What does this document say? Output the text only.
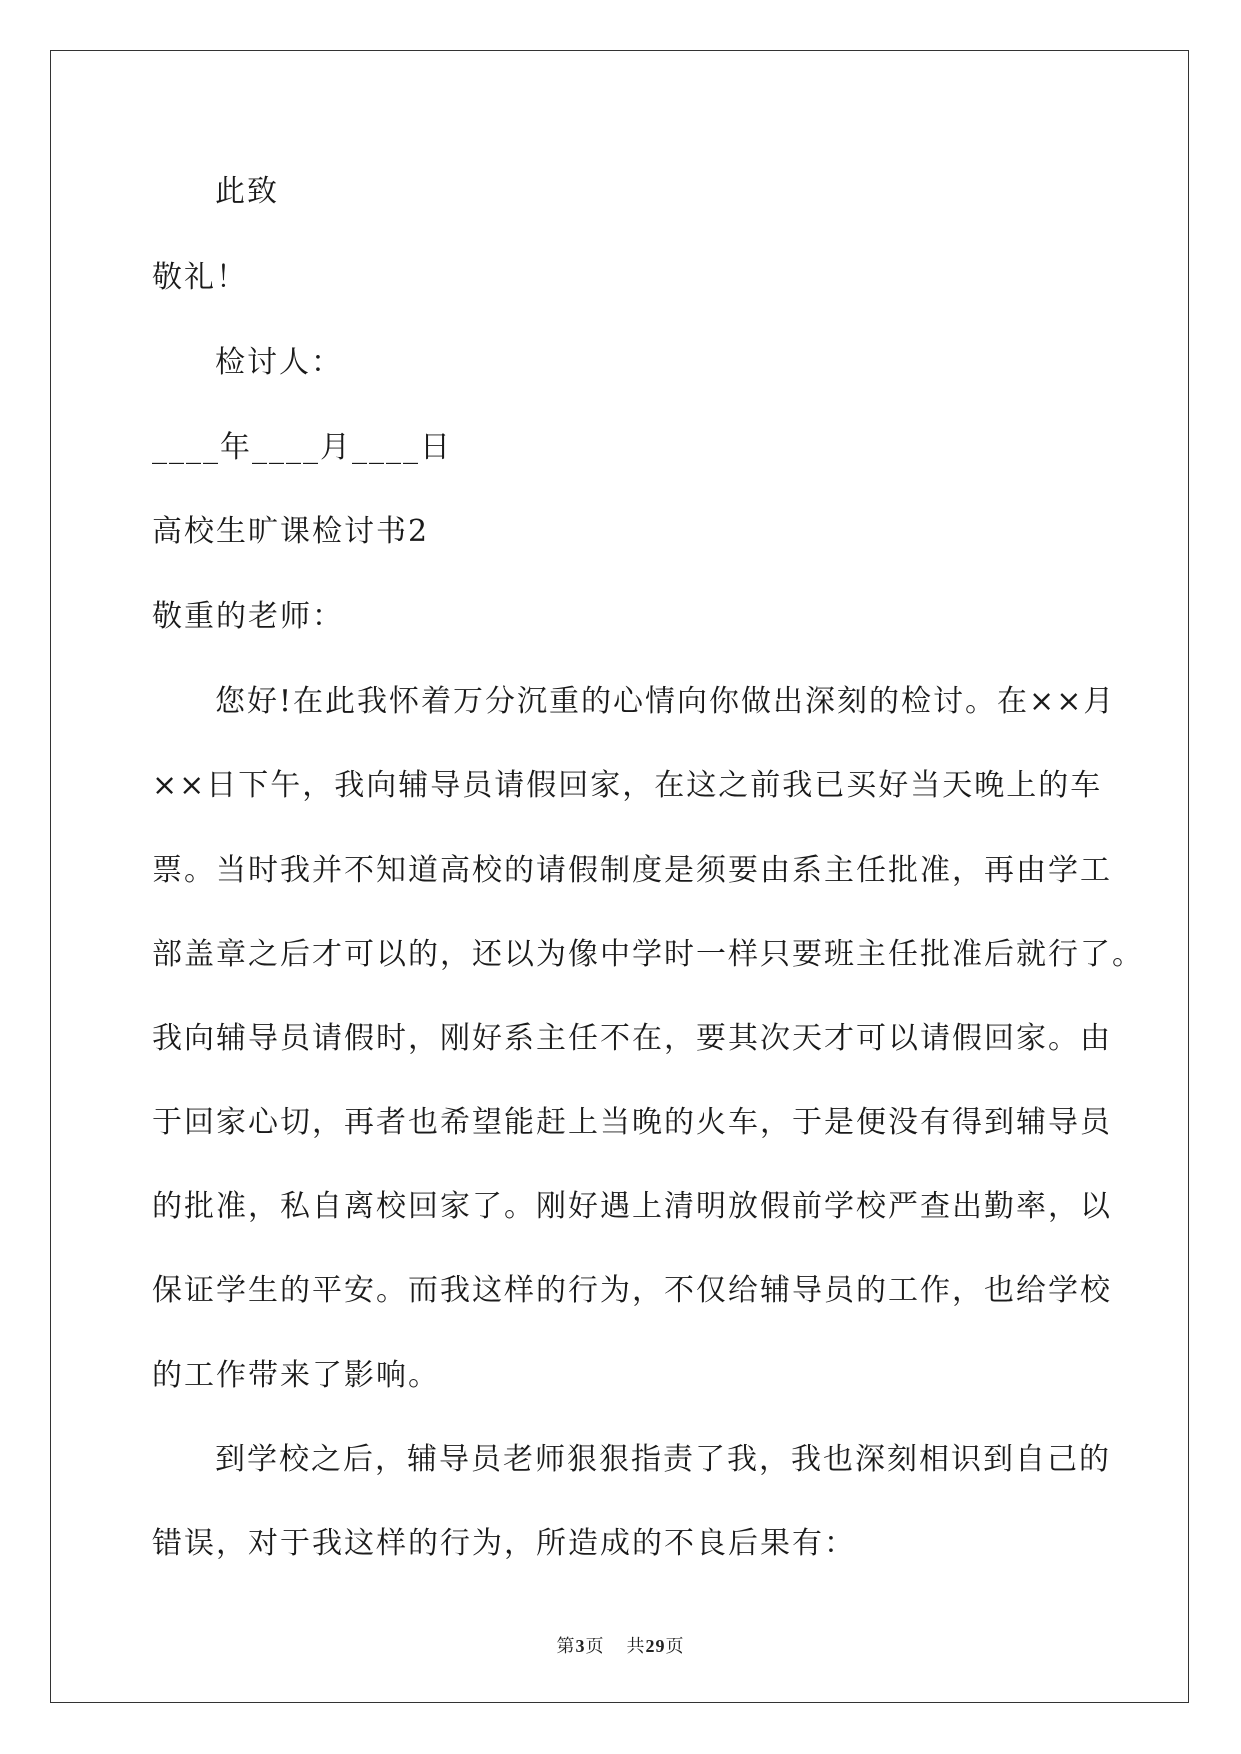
此致
敬礼！
检讨人：
____年____月____日
高校生旷课检讨书2
敬重的老师：
您好!在此我怀着万分沉重的心情向你做出深刻的检讨。在××月
××日下午，我向辅导员请假回家，在这之前我已买好当天晚上的车
票。当时我并不知道高校的请假制度是须要由系主任批准，再由学工
部盖章之后才可以的，还以为像中学时一样只要班主任批准后就行了。
我向辅导员请假时，刚好系主任不在，要其次天才可以请假回家。由
于回家心切，再者也希望能赶上当晚的火车，于是便没有得到辅导员
的批准，私自离校回家了。刚好遇上清明放假前学校严查出勤率，以
保证学生的平安。而我这样的行为，不仅给辅导员的工作，也给学校
的工作带来了影响。
到学校之后，辅导员老师狠狠指责了我，我也深刻相识到自己的
错误，对于我这样的行为，所造成的不良后果有：
第3页    共29页
